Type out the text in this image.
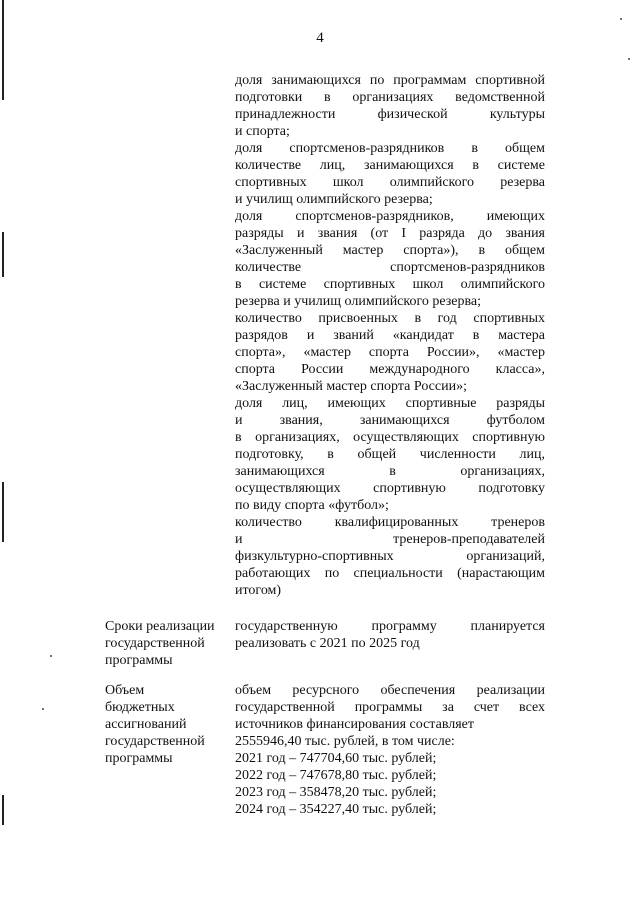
4

доля занимающихся по программам спортивной

подготовки в организациях ведомственной

принадлежности физической культуры

и спорта;

доля спортсменов-разрядников в общем

количестве лиц, занимающихся в системе

спортивных школ олимпийского резерва

и училищ олимпийского резерва;

доля спортсменов-разрядников, имеющих

разряды и звания (от I разряда до звания

«Заслуженный мастер спорта»), в общем

количестве спортсменов-разрядников

в системе спортивных школ олимпийского

резерва и училищ олимпийского резерва;

количество присвоенных в год спортивных

разрядов и званий «кандидат в мастера

спорта», «мастер спорта России», «мастер

спорта России международного класса»,

«Заслуженный мастер спорта России»;

доля лиц, имеющих спортивные разряды

и звания, занимающихся футболом

в организациях, осуществляющих спортивную

подготовку, в общей численности лиц,

занимающихся в организациях,

осуществляющих спортивную подготовку

по виду спорта «футбол»;

количество квалифицированных тренеров

и тренеров-преподавателей

физкультурно-спортивных организаций,

работающих по специальности (нарастающим

итогом)

Сроки реализации
государственной
программы

государственную программу планируется

реализовать с 2021 по 2025 год

Объем
бюджетных
ассигнований
государственной
программы

объем ресурсного обеспечения реализации

государственной программы за счет всех

источников финансирования составляет

2555946,40 тыс. рублей, в том числе:

2021 год – 747704,60 тыс. рублей;

2022 год – 747678,80 тыс. рублей;

2023 год – 358478,20 тыс. рублей;

2024 год – 354227,40 тыс. рублей;
